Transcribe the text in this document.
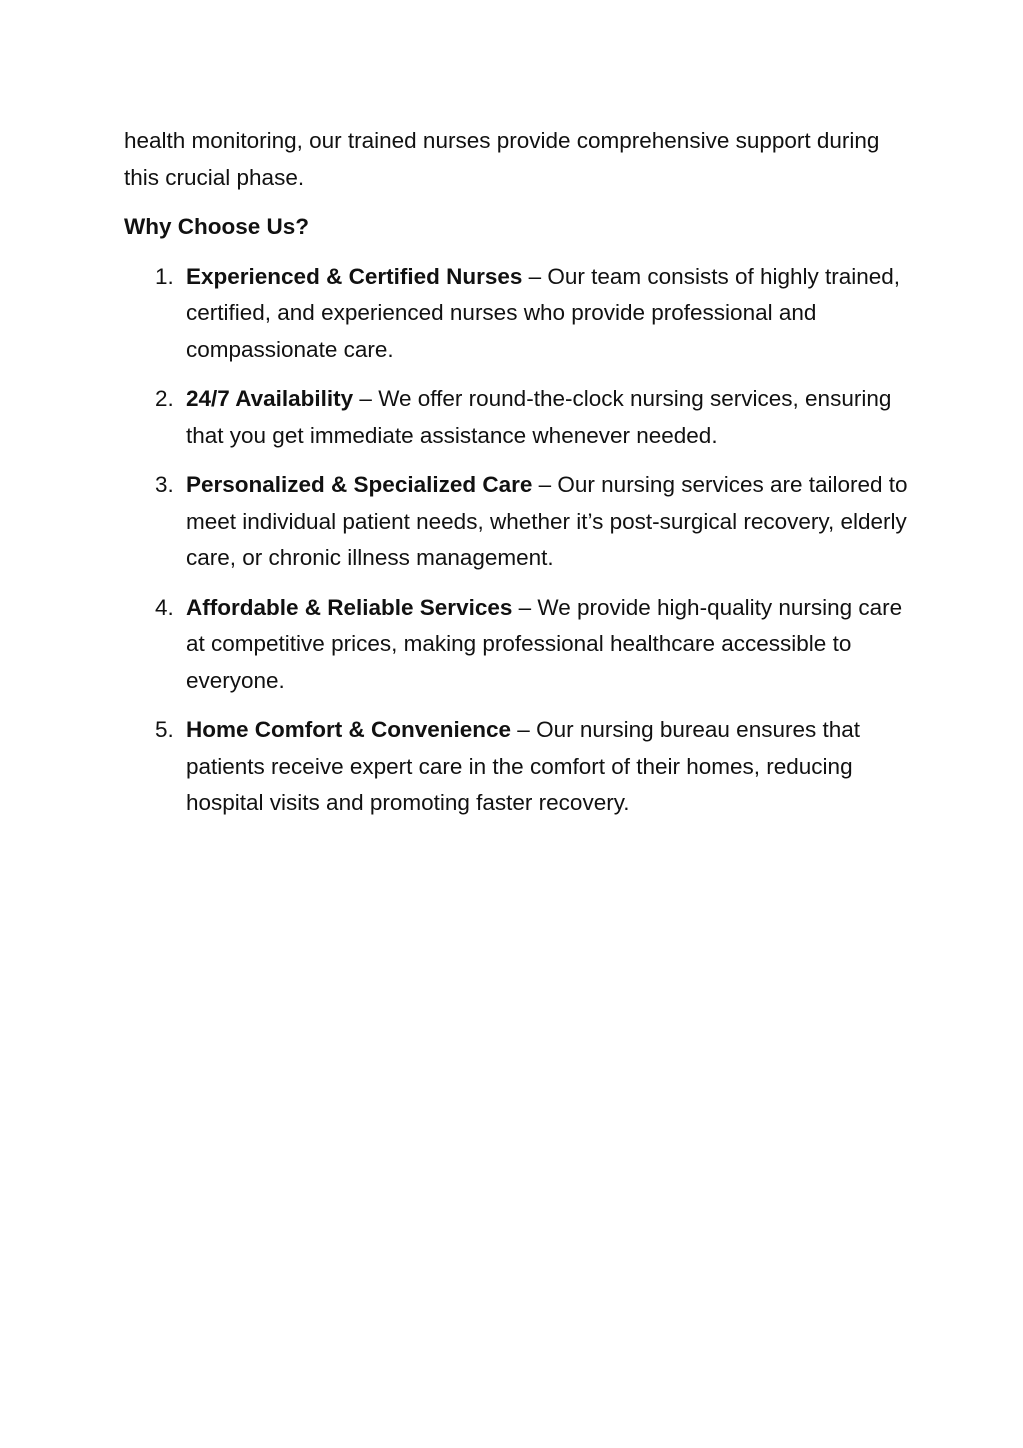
health monitoring, our trained nurses provide comprehensive support during this crucial phase.

Why Choose Us?

1. Experienced & Certified Nurses – Our team consists of highly trained, certified, and experienced nurses who provide professional and compassionate care.
2. 24/7 Availability – We offer round-the-clock nursing services, ensuring that you get immediate assistance whenever needed.
3. Personalized & Specialized Care – Our nursing services are tailored to meet individual patient needs, whether it’s post-surgical recovery, elderly care, or chronic illness management.
4. Affordable & Reliable Services – We provide high-quality nursing care at competitive prices, making professional healthcare accessible to everyone.
5. Home Comfort & Convenience – Our nursing bureau ensures that patients receive expert care in the comfort of their homes, reducing hospital visits and promoting faster recovery.
